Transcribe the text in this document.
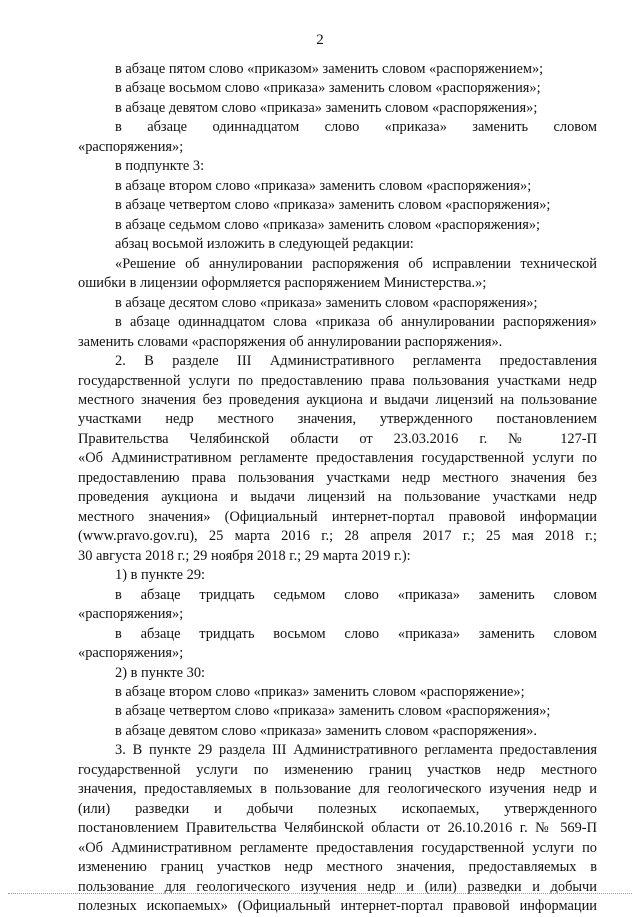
2
в абзаце пятом слово «приказом» заменить словом «распоряжением»;
в абзаце восьмом слово «приказа» заменить словом «распоряжения»;
в абзаце девятом слово «приказа» заменить словом «распоряжения»;
в абзаце одиннадцатом слово «приказа» заменить словом
«распоряжения»;
в подпункте 3:
в абзаце втором слово «приказа» заменить словом «распоряжения»;
в абзаце четвертом слово «приказа» заменить словом «распоряжения»;
в абзаце седьмом слово «приказа» заменить словом «распоряжения»;
абзац восьмой изложить в следующей редакции:
«Решение об аннулировании распоряжения об исправлении технической
ошибки в лицензии оформляется распоряжением Министерства.»;
в абзаце десятом слово «приказа» заменить словом «распоряжения»;
в абзаце одиннадцатом слова «приказа об аннулировании распоряжения»
заменить словами «распоряжения об аннулировании распоряжения».
2. В разделе III Административного регламента предоставления
государственной услуги по предоставлению права пользования участками недр
местного значения без проведения аукциона и выдачи лицензий на пользование
участками недр местного значения, утвержденного постановлением
Правительства Челябинской области от 23.03.2016 г. № 127-П
«Об Административном регламенте предоставления государственной услуги по
предоставлению права пользования участками недр местного значения без
проведения аукциона и выдачи лицензий на пользование участками недр
местного значения» (Официальный интернет-портал правовой информации
(www.pravo.gov.ru), 25 марта 2016 г.; 28 апреля 2017 г.; 25 мая 2018 г.;
30 августа 2018 г.; 29 ноября 2018 г.; 29 марта 2019 г.):
1) в пункте 29:
в абзаце тридцать седьмом слово «приказа» заменить словом
«распоряжения»;
в абзаце тридцать восьмом слово «приказа» заменить словом
«распоряжения»;
2) в пункте 30:
в абзаце втором слово «приказ» заменить словом «распоряжение»;
в абзаце четвертом слово «приказа» заменить словом «распоряжения»;
в абзаце девятом слово «приказа» заменить словом «распоряжения».
3. В пункте 29 раздела III Административного регламента предоставления
государственной услуги по изменению границ участков недр местного
значения, предоставляемых в пользование для геологического изучения недр и
(или) разведки и добычи полезных ископаемых, утвержденного
постановлением Правительства Челябинской области от 26.10.2016 г. № 569-П
«Об Административном регламенте предоставления государственной услуги по
изменению границ участков недр местного значения, предоставляемых в
пользование для геологического изучения недр и (или) разведки и добычи
полезных ископаемых» (Официальный интернет-портал правовой информации
